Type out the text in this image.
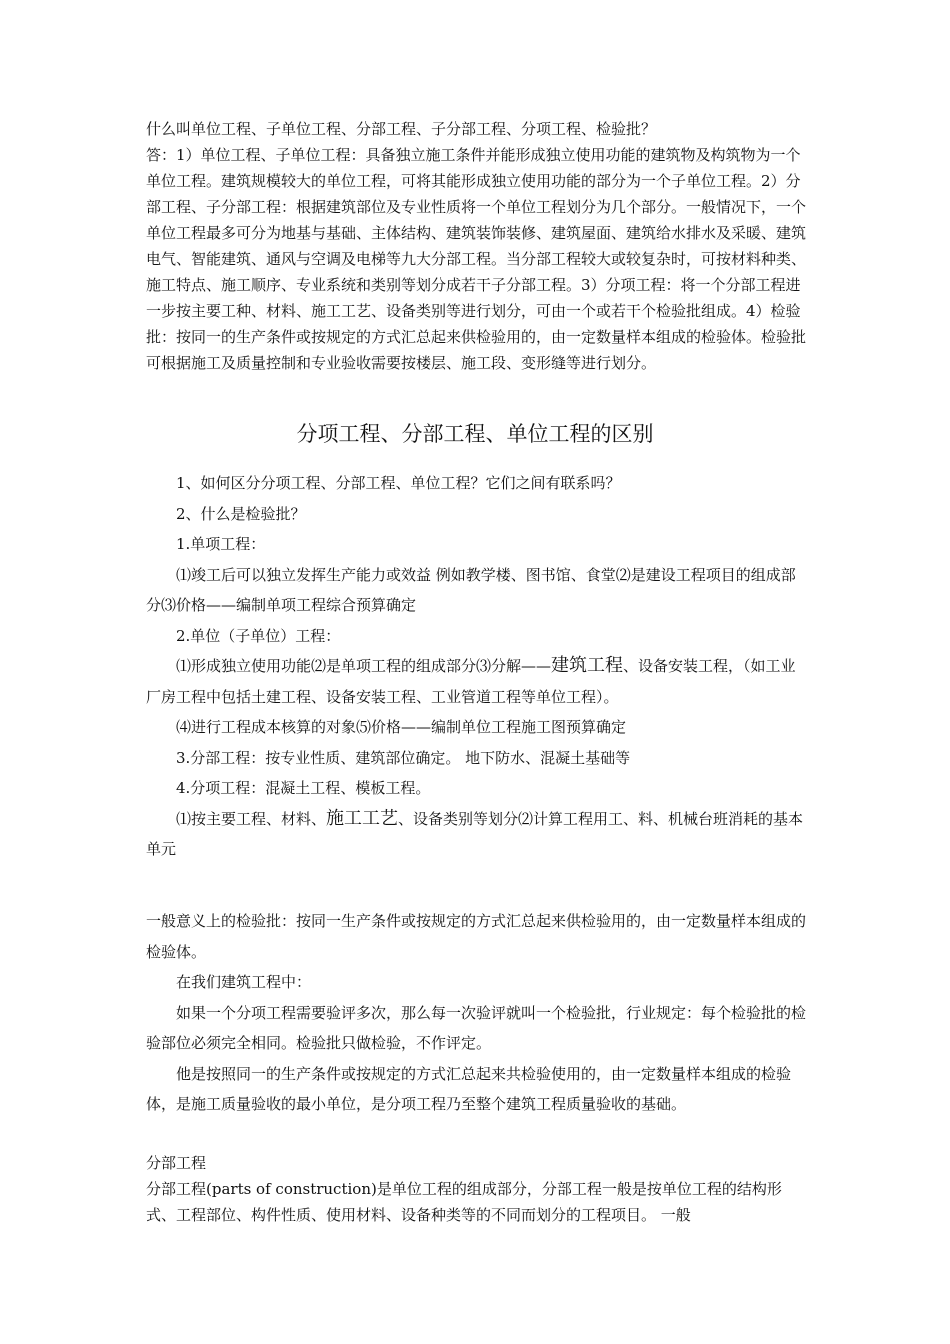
什么叫单位工程、子单位工程、分部工程、子分部工程、分项工程、检验批？

答：1）单位工程、子单位工程：具备独立施工条件并能形成独立使用功能的建筑物及构筑物为一个单位工程。建筑规模较大的单位工程，可将其能形成独立使用功能的部分为一个子单位工程。2）分部工程、子分部工程：根据建筑部位及专业性质将一个单位工程划分为几个部分。一般情况下，一个单位工程最多可分为地基与基础、主体结构、建筑装饰装修、建筑屋面、建筑给水排水及采暖、建筑电气、智能建筑、通风与空调及电梯等九大分部工程。当分部工程较大或较复杂时，可按材料种类、施工特点、施工顺序、专业系统和类别等划分成若干子分部工程。3）分项工程：将一个分部工程进一步按主要工种、材料、施工工艺、设备类别等进行划分，可由一个或若干个检验批组成。4）检验批：按同一的生产条件或按规定的方式汇总起来供检验用的，由一定数量样本组成的检验体。检验批可根据施工及质量控制和专业验收需要按楼层、施工段、变形缝等进行划分。

分项工程、分部工程、单位工程的区别

1、如何区分分项工程、分部工程、单位工程？它们之间有联系吗？

2、什么是检验批？

1.单项工程：

⑴竣工后可以独立发挥生产能力或效益 例如教学楼、图书馆、食堂⑵是建设工程项目的组成部分⑶价格——编制单项工程综合预算确定

2.单位（子单位）工程：

⑴形成独立使用功能⑵是单项工程的组成部分⑶分解——建筑工程、设备安装工程，（如工业厂房工程中包括土建工程、设备安装工程、工业管道工程等单位工程）。

⑷进行工程成本核算的对象⑸价格——编制单位工程施工图预算确定

3.分部工程：按专业性质、建筑部位确定。 地下防水、混凝土基础等

4.分项工程：混凝土工程、模板工程。

⑴按主要工程、材料、施工工艺、设备类别等划分⑵计算工程用工、料、机械台班消耗的基本单元

一般意义上的检验批：按同一生产条件或按规定的方式汇总起来供检验用的，由一定数量样本组成的检验体。

在我们建筑工程中：

如果一个分项工程需要验评多次，那么每一次验评就叫一个检验批，行业规定：每个检验批的检验部位必须完全相同。检验批只做检验，不作评定。

他是按照同一的生产条件或按规定的方式汇总起来共检验使用的，由一定数量样本组成的检验体，是施工质量验收的最小单位，是分项工程乃至整个建筑工程质量验收的基础。

分部工程

分部工程(parts of construction)是单位工程的组成部分，分部工程一般是按单位工程的结构形式、工程部位、构件性质、使用材料、设备种类等的不同而划分的工程项目。 一般
